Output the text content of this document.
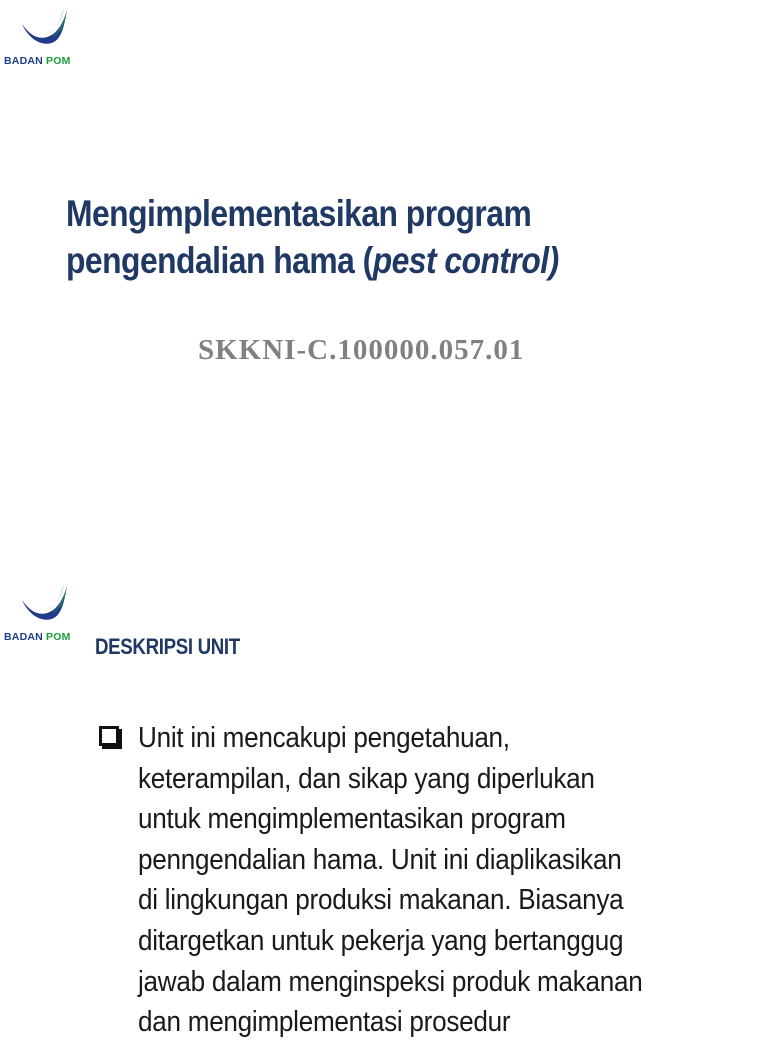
BADAN POM
Mengimplementasikan program
pengendalian hama (pest control)

SKKNI-C.100000.057.01

BADAN POM DESKRIPSI UNIT

Unit ini mencakupi pengetahuan,
keterampilan, dan sikap yang diperlukan
untuk mengimplementasikan program
penngendalian hama. Unit ini diaplikasikan
di lingkungan produksi makanan. Biasanya
ditargetkan untuk pekerja yang bertanggug
jawab dalam menginspeksi produk makanan
dan mengimplementasi prosedur
